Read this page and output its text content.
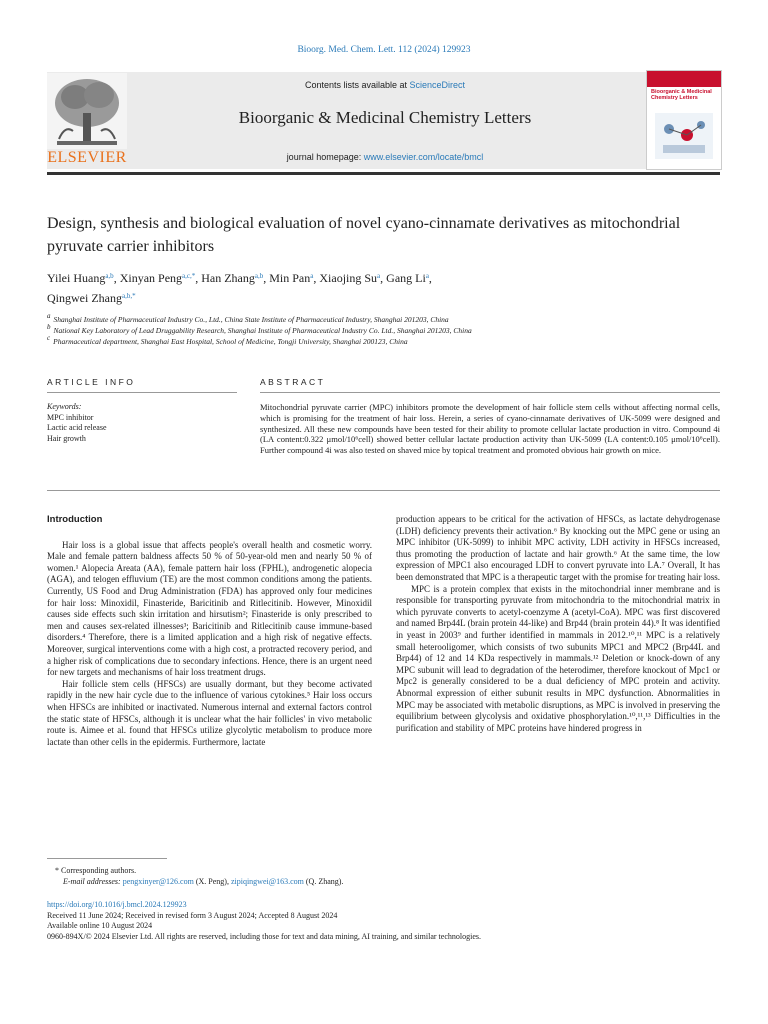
Bioorg. Med. Chem. Lett. 112 (2024) 129923
ELSEVIER
Contents lists available at ScienceDirect
Bioorganic & Medicinal Chemistry Letters
journal homepage: www.elsevier.com/locate/bmcl
Bioorganic & Medicinal Chemistry Letters
Design, synthesis and biological evaluation of novel cyano-cinnamate derivatives as mitochondrial pyruvate carrier inhibitors
Yilei Huang$^{a,b}$, Xinyan Peng$^{a,c,*}$, Han Zhang$^{a,b}$, Min Pan$^a$, Xiaojing Su$^a$, Gang Li$^a$,
Qingwei Zhang$^{a,b,*}$
$^a$ Shanghai Institute of Pharmaceutical Industry Co., Ltd., China State Institute of Pharmaceutical Industry, Shanghai 201203, China
$^b$ National Key Laboratory of Lead Druggability Research, Shanghai Institute of Pharmaceutical Industry Co. Ltd., Shanghai 201203, China
$^c$ Pharmaceutical department, Shanghai East Hospital, School of Medicine, Tongji University, Shanghai 200123, China
ARTICLE INFO	ABSTRACT
Keywords:
MPC inhibitor
Lactic acid release
Hair growth
Mitochondrial pyruvate carrier (MPC) inhibitors promote the development of hair follicle stem cells without affecting normal cells, which is promising for the treatment of hair loss. Herein, a series of cyano-cinnamate derivatives of UK-5099 were designed and synthesized. All these new compounds have been tested for their ability to promote cellular lactate production in vitro. Compound 4i (LA content:0.322 μmol/10⁶cell) showed better cellular lactate production activity than UK-5099 (LA content:0.105 μmol/10⁶cell). Further compound 4i was also tested on shaved mice by topical treatment and promoted obvious hair growth on mice.

Introduction

Hair loss is a global issue that affects people's overall health and cosmetic worry. Male and female pattern baldness affects 50 % of 50-year-old men and nearly 50 % of women.¹ Alopecia Areata (AA), female pattern hair loss (FPHL), androgenetic alopecia (AGA), and telogen effluvium (TE) are the most common conditions among the patients. Currently, US Food and Drug Administration (FDA) has approved only four medicines for hair loss: Minoxidil, Finasteride, Baricitinib and Ritlecitinib. However, Minoxidil causes side effects such skin irritation and hirsutism²; Finasteride is only prescribed to men and causes sex-related illnesses³; Baricitinib and Ritlecitinib cause immune-based disorders.⁴ Therefore, there is a limited application and a high risk of negative effects. Moreover, surgical interventions come with a high cost, a protracted recovery period, and a higher risk of complications due to secondary infections. Hence, there is an urgent need for new targets and mechanisms of hair loss treatment drugs.

Hair follicle stem cells (HFSCs) are usually dormant, but they become activated rapidly in the new hair cycle due to the influence of various cytokines.⁵ Hair loss occurs when HFSCs are inhibited or inactivated. Numerous internal and external factors control the static state of HFSCs, although it is unclear what the hair follicles' in vivo metabolic route is. Aimee et al. found that HFSCs utilize glycolytic metabolism to produce more lactate than other cells in the epidermis. Furthermore, lactate

production appears to be critical for the activation of HFSCs, as lactate dehydrogenase (LDH) deficiency prevents their activation.⁶ By knocking out the MPC gene or using an MPC inhibitor (UK-5099) to inhibit MPC activity, LDH activity in HFSCs increased, thus promoting the production of lactate and hair growth.⁶ At the same time, the low expression of MPC1 also encouraged LDH to convert pyruvate into LA.⁷ Overall, It has been demonstrated that MPC is a therapeutic target with the promise for treating hair loss.

MPC is a protein complex that exists in the mitochondrial inner membrane and is responsible for transporting pyruvate from mitochondria to the mitochondrial matrix in which pyruvate converts to acetyl-coenzyme A (acetyl-CoA). MPC was first discovered and named Brp44L (brain protein 44-like) and Brp44 (brain protein 44).⁸ It was identified in yeast in 2003⁹ and further identified in mammals in 2012.¹⁰,¹¹ MPC is a relatively small heterooligomer, which consists of two subunits MPC1 and MPC2 (Brp44L and Brp44) of 12 and 14 KDa respectively in mammals.¹² Deletion or knock-down of any MPC subunit will lead to degradation of the heterodimer, therefore knockout of Mpc1 or Mpc2 is generally considered to be a dual deficiency of MPC protein and activity. Abnormal expression of either subunit results in MPC dysfunction. Abnormalities in MPC may be associated with metabolic disruptions, as MPC is involved in preserving the equilibrium between glycolysis and oxidative phosphorylation.¹⁰,¹¹,¹³ Difficulties in the purification and stability of MPC proteins have hindered progress in

* Corresponding authors.
E-mail addresses: pengxinyer@126.com (X. Peng), zipiqingwei@163.com (Q. Zhang).
https://doi.org/10.1016/j.bmcl.2024.129923
Received 11 June 2024; Received in revised form 3 August 2024; Accepted 8 August 2024
Available online 10 August 2024
0960-894X/© 2024 Elsevier Ltd. All rights are reserved, including those for text and data mining, AI training, and similar technologies.
